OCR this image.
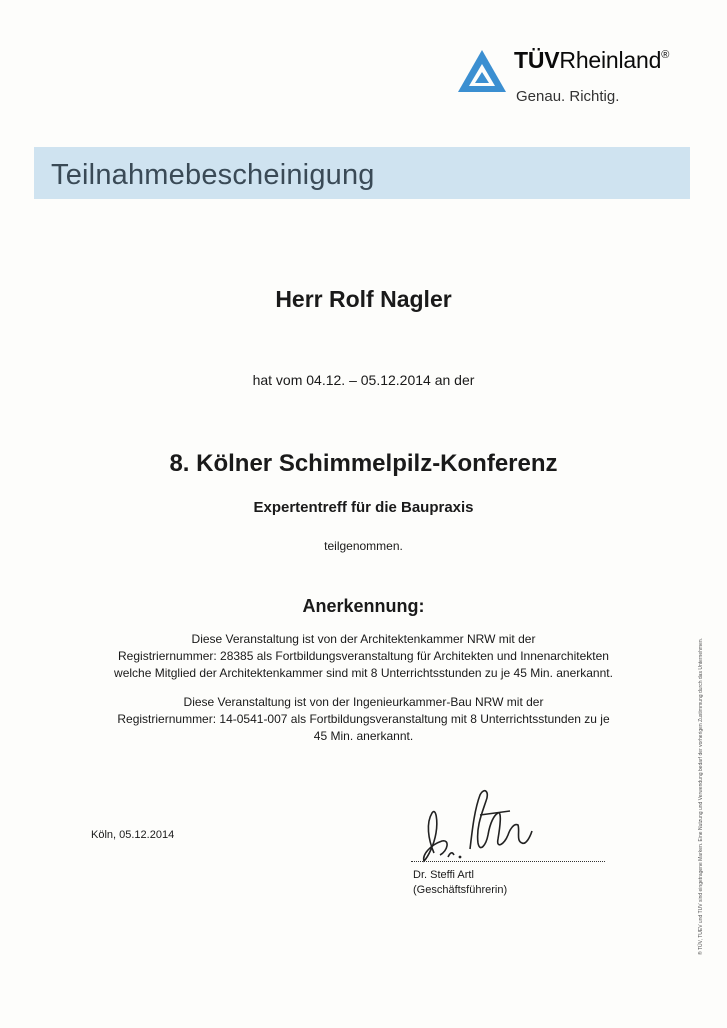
TÜVRheinland®
Genau. Richtig.
Teilnahmebescheinigung
Herr Rolf Nagler
hat vom 04.12. – 05.12.2014 an der
8. Kölner Schimmelpilz-Konferenz
Expertentreff für die Baupraxis
teilgenommen.
Anerkennung:
Diese Veranstaltung ist von der Architektenkammer NRW mit der
Registriernummer: 28385 als Fortbildungsveranstaltung für Architekten und Innenarchitekten
welche Mitglied der Architektenkammer sind mit 8 Unterrichtsstunden zu je 45 Min. anerkannt.
Diese Veranstaltung ist von der Ingenieurkammer-Bau NRW mit der
Registriernummer: 14-0541-007 als Fortbildungsveranstaltung mit 8 Unterrichtsstunden zu je
45 Min. anerkannt.
Köln, 05.12.2014
Dr. Steffi Artl
(Geschäftsführerin)	® TÜV, TUEV und TUV sind eingetragene Marken. Eine Nutzung und Verwendung bedarf der vorherigen Zustimmung durch das Unternehmen.
